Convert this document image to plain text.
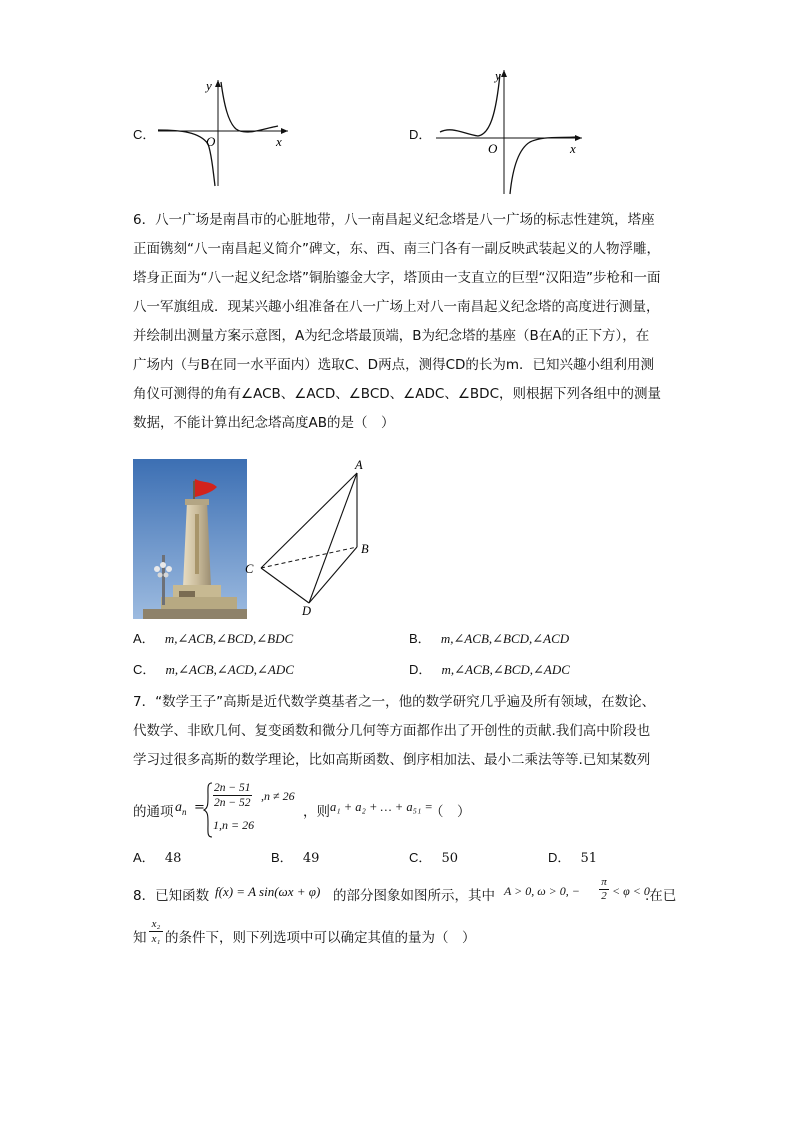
C．
y
x
O	D．
y
x
O
6．八一广场是南昌市的心脏地带，八一南昌起义纪念塔是八一广场的标志性建筑，塔座正面镌刻“八一南昌起义简介”碑文，东、西、南三门各有一副反映武装起义的人物浮雕，塔身正面为“八一起义纪念塔”铜胎鎏金大字，塔顶由一支直立的巨型“汉阳造”步枪和一面八一军旗组成．现某兴趣小组准备在八一广场上对八一南昌起义纪念塔的高度进行测量，并绘制出测量方案示意图，A为纪念塔最顶端，B为纪念塔的基座（B在A的正下方），在广场内（与B在同一水平面内）选取C、D两点，测得CD的长为m．已知兴趣小组利用测角仪可测得的角有∠ACB、∠ACD、∠BCD、∠ADC、∠BDC，则根据下列各组中的测量数据，不能计算出纪念塔高度AB的是（　）
A
B
C
D
A． m,∠ACB,∠BCD,∠BDC	B． m,∠ACB,∠BCD,∠ACD
C． m,∠ACB,∠ACD,∠ADC	D． m,∠ACB,∠BCD,∠ADC
7．“数学王子”高斯是近代数学奠基者之一，他的数学研究几乎遍及所有领域，在数论、代数学、非欧几何、复变函数和微分几何等方面都作出了开创性的贡献.我们高中阶段也学习过很多高斯的数学理论，比如高斯函数、倒序相加法、最小二乘法等等.已知某数列
的通项 $a_n = \frac{2n - 51}{2n - 52} ,n \ne 26$
1,n = 26
，则 a₁ + a₂ + … + a₅₁ =
（　）
A． 48	B． 49	C． 50	D． 51
8．已知函数 f(x) = A sin(ωx + φ) 的部分图象如图所示，其中 A > 0, ω > 0, −
π
2 < φ < 0
.在已
知
x₂
x₁ 的条件下，则下列选项中可以确定其值的量为（　）
